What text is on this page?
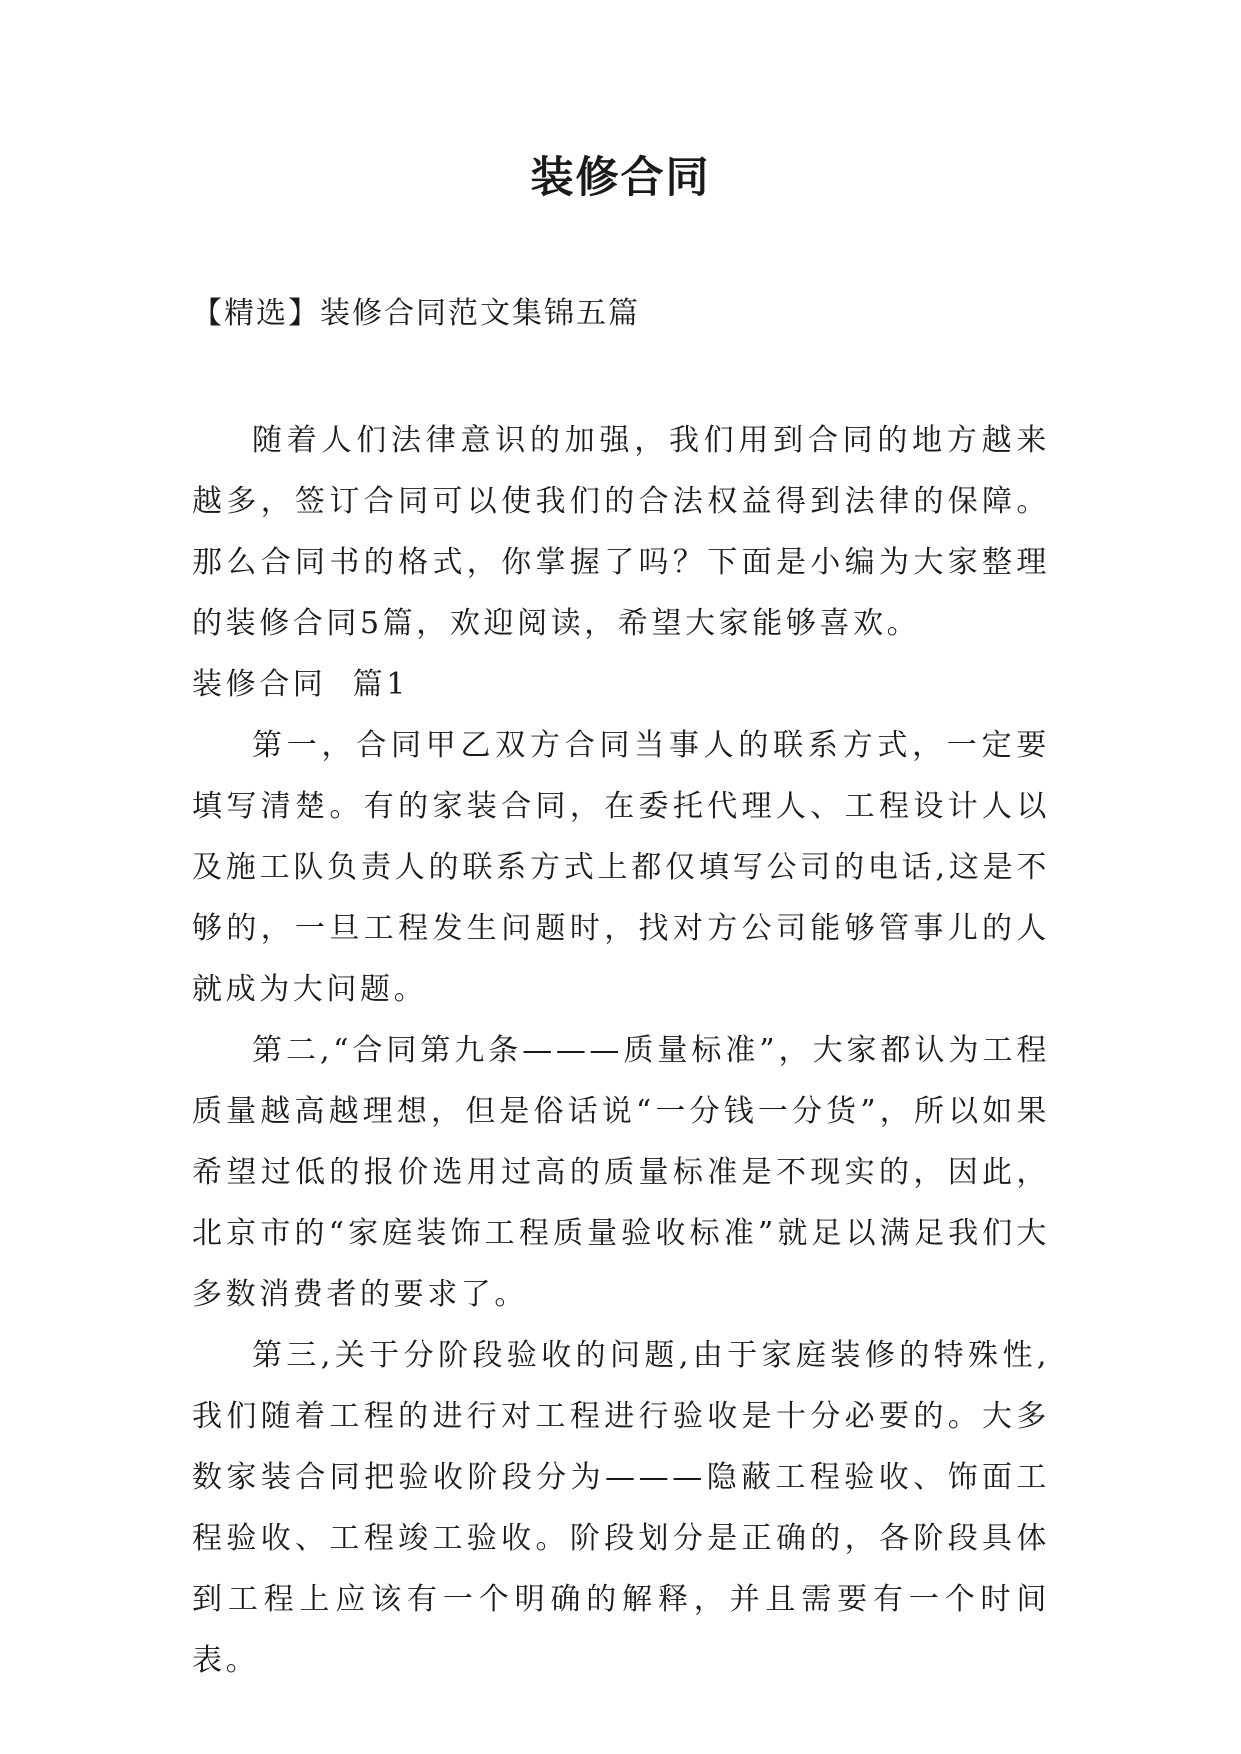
装修合同

【精选】装修合同范文集锦五篇

随着人们法律意识的加强，我们用到合同的地方越来越多，签订合同可以使我们的合法权益得到法律的保障。那么合同书的格式，你掌握了吗？下面是小编为大家整理的装修合同5篇，欢迎阅读，希望大家能够喜欢。

装修合同  篇1

第一，合同甲乙双方合同当事人的联系方式，一定要填写清楚。有的家装合同，在委托代理人、工程设计人以及施工队负责人的联系方式上都仅填写公司的电话,这是不够的，一旦工程发生问题时，找对方公司能够管事儿的人就成为大问题。

第二,“合同第九条———质量标准”，大家都认为工程质量越高越理想，但是俗话说“一分钱一分货”，所以如果希望过低的报价选用过高的质量标准是不现实的，因此，北京市的“家庭装饰工程质量验收标准”就足以满足我们大多数消费者的要求了。

第三,关于分阶段验收的问题,由于家庭装修的特殊性,我们随着工程的进行对工程进行验收是十分必要的。大多数家装合同把验收阶段分为———隐蔽工程验收、饰面工程验收、工程竣工验收。阶段划分是正确的，各阶段具体到工程上应该有一个明确的解释，并且需要有一个时间表。
